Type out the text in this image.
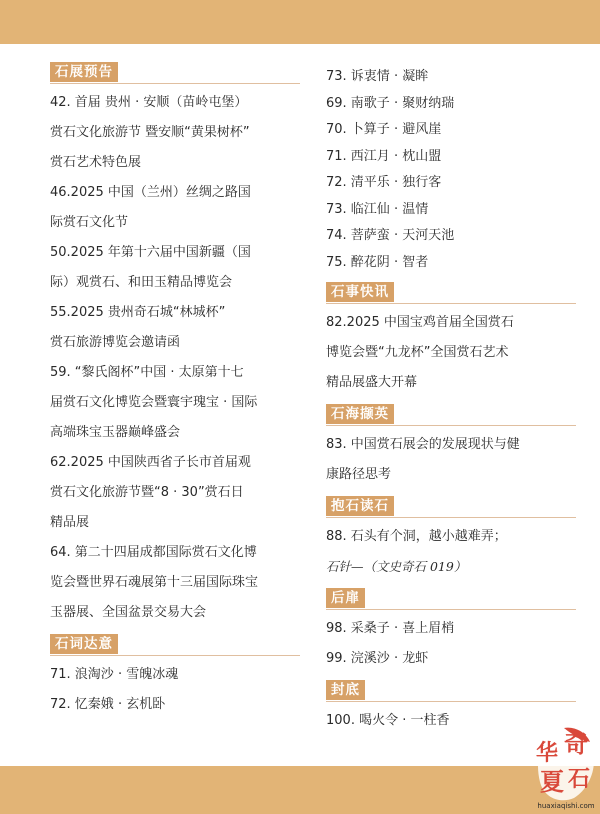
石展预告
42. 首届 贵州 · 安顺（苗岭屯堡）
赏石文化旅游节 暨安顺“黄果树杯”
赏石艺术特色展
46.2025 中国（兰州）丝绸之路国
际赏石文化节
50.2025 年第十六届中国新疆（国
际）观赏石、和田玉精品博览会
55.2025 贵州奇石城“林城杯”
赏石旅游博览会邀请函
59. “黎氏阁杯”中国 · 太原第十七
届赏石文化博览会暨寰宇瑰宝 · 国际
高端珠宝玉器巅峰盛会
62.2025 中国陕西省子长市首届观
赏石文化旅游节暨“8 · 30”赏石日
精品展
64. 第二十四届成都国际赏石文化博
览会暨世界石魂展第十三届国际珠宝
玉器展、全国盆景交易大会
石词达意
71. 浪淘沙 · 雪魄冰魂
72. 忆秦娥 · 玄机卧
73. 诉衷情 · 凝眸
69. 南歌子 · 聚财纳瑞
70. 卜算子 · 避风崖
71. 西江月 · 枕山盟
72. 清平乐 · 独行客
73. 临江仙 · 温情
74. 菩萨蛮 · 天河天池
75. 醉花阴 · 智者
石事快讯
82.2025 中国宝鸡首届全国赏石
博览会暨“九龙杯”全国赏石艺术
精品展盛大开幕
石海撷英
83. 中国赏石展会的发展现状与健
康路径思考
抱石读石
88. 石头有个洞，越小越难弄；
石针—（文史奇石 019）
后扉
98. 采桑子 · 喜上眉梢
99. 浣溪沙 · 龙虾
封底
100. 喝火令 · 一柱香
华 奇
夏 石
huaxiaqishi.com
